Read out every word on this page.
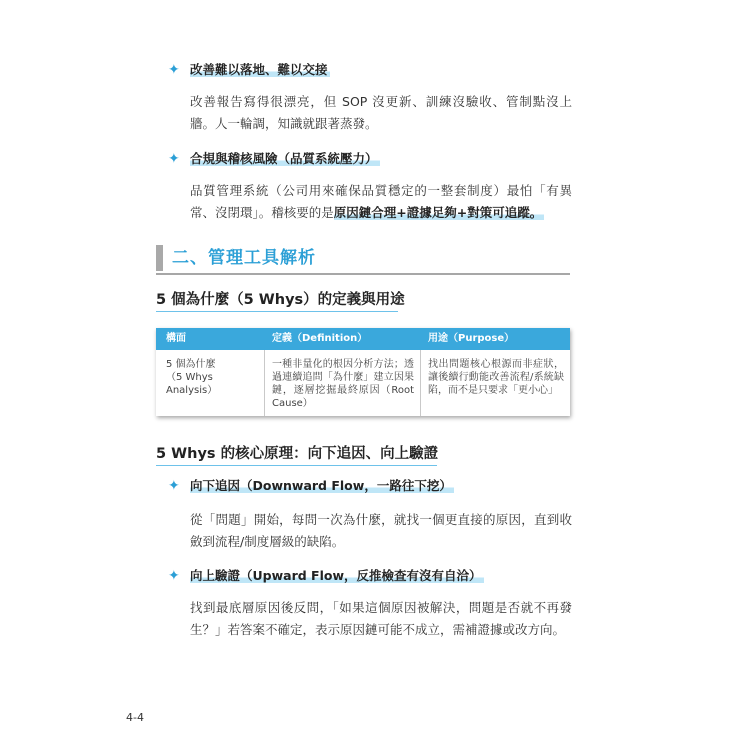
✦ 改善難以落地、難以交接
改善報告寫得很漂亮，但 SOP 沒更新、訓練沒驗收、管制點沒上牆。人一輪調，知識就跟著蒸發。
✦ 合規與稽核風險（品質系統壓力）
品質管理系統（公司用來確保品質穩定的一整套制度）最怕「有異常、沒閉環」。稽核要的是原因鏈合理+證據足夠+對策可追蹤。
二、管理工具解析
5 個為什麼（5 Whys）的定義與用途
構面	定義（Definition）	用途（Purpose）
5 個為什麼
（5 Whys Analysis）
一種非量化的根因分析方法；透過連續追問「為什麼」建立因果鏈，逐層挖掘最終原因（Root Cause）
找出問題核心根源而非症狀，讓後續行動能改善流程/系統缺陷，而不是只要求「更小心」
5 Whys 的核心原理：向下追因、向上驗證
✦ 向下追因（Downward Flow，一路往下挖）
從「問題」開始，每問一次為什麼，就找一個更直接的原因，直到收斂到流程/制度層級的缺陷。
✦ 向上驗證（Upward Flow，反推檢查有沒有自洽）
找到最底層原因後反問，「如果這個原因被解決，問題是否就不再發生？」若答案不確定，表示原因鏈可能不成立，需補證據或改方向。
4-4
